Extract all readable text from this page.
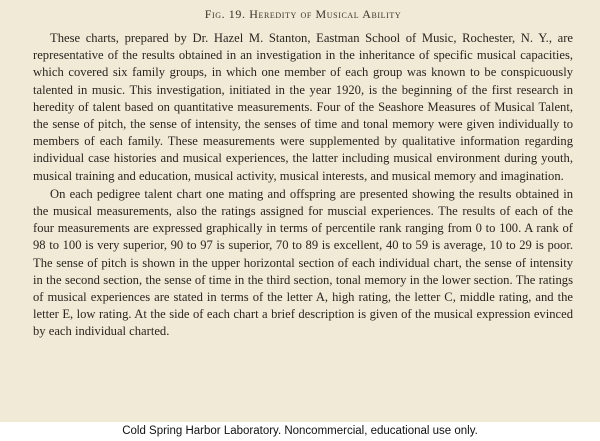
Fig. 19. Heredity of Musical Ability

These charts, prepared by Dr. Hazel M. Stanton, Eastman School of Music, Rochester, N. Y., are representative of the results obtained in an investigation in the inheritance of specific musical capacities, which covered six family groups, in which one member of each group was known to be conspicuously talented in music. This investigation, initiated in the year 1920, is the beginning of the first research in heredity of talent based on quantitative measurements. Four of the Seashore Measures of Musical Talent, the sense of pitch, the sense of intensity, the senses of time and tonal memory were given individually to members of each family. These measurements were supplemented by qualitative information regarding individual case histories and musical experiences, the latter including musical environment during youth, musical training and education, musical activity, musical interests, and musical memory and imagination.

On each pedigree talent chart one mating and offspring are presented showing the results obtained in the musical measurements, also the ratings assigned for muscial experiences. The results of each of the four measurements are expressed graphically in terms of percentile rank ranging from 0 to 100. A rank of 98 to 100 is very superior, 90 to 97 is superior, 70 to 89 is excellent, 40 to 59 is average, 10 to 29 is poor. The sense of pitch is shown in the upper horizontal section of each individual chart, the sense of intensity in the second section, the sense of time in the third section, tonal memory in the lower section. The ratings of musical experiences are stated in terms of the letter A, high rating, the letter C, middle rating, and the letter E, low rating. At the side of each chart a brief description is given of the musical expression evinced by each individual charted.

Cold Spring Harbor Laboratory. Noncommercial, educational use only.
